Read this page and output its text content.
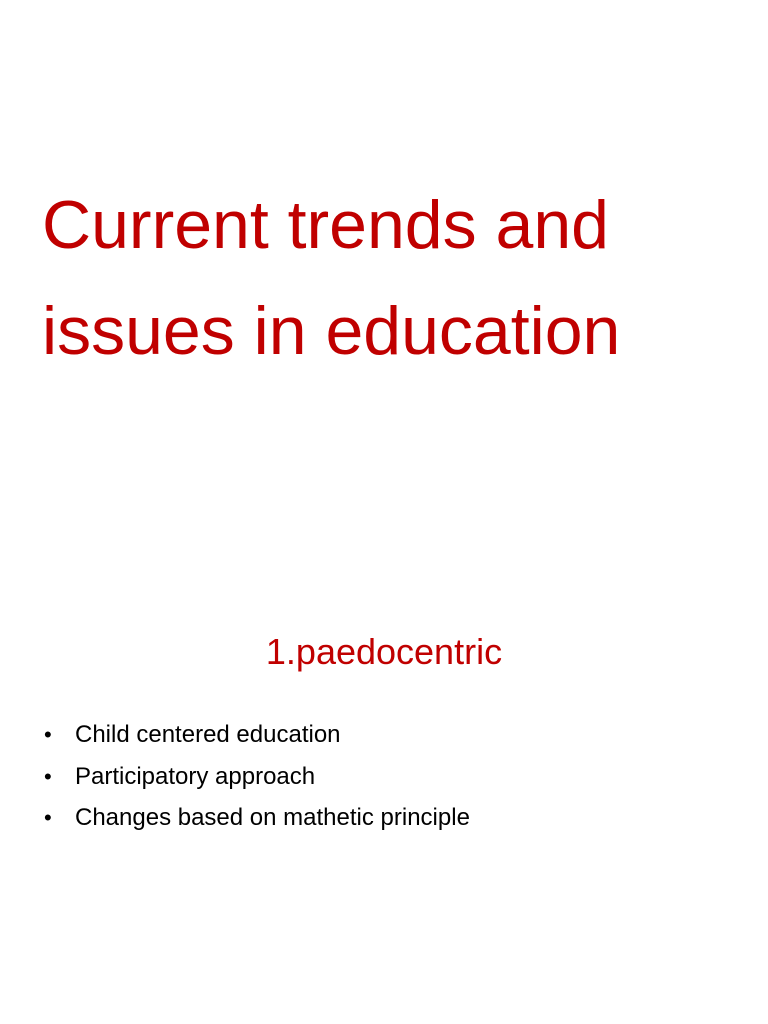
Current trends and
issues in education

1.paedocentric

• Child centered education
• Participatory approach
• Changes based on mathetic principle
